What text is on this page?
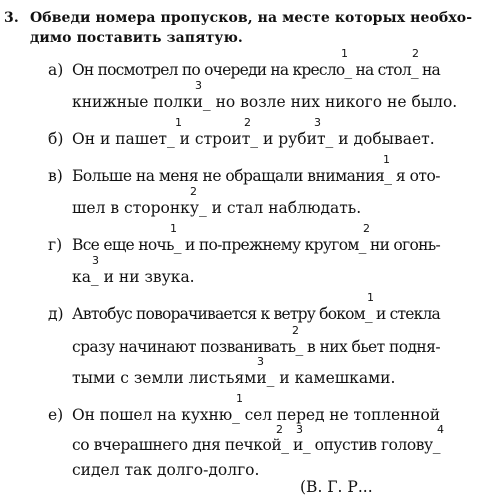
3. Обведи номера пропусков, на месте которых необхо-
димо поставить запятую.
а) Он посмотрел по очереди на кресло_ на стол_ на
книжные полки_ но возле них никого не было.
1	2
3
б) Он и пашет_ и строит_ и рубит_ и добывает.
1	2	3
в) Больше на меня не обращали внимания_ я ото-
шел в сторонку_ и стал наблюдать.
1
2
г) Все еще ночь_ и по-прежнему кругом_ ни огонь-
ка_ и ни звука.
1	2
3
д) Автобус поворачивается к ветру боком_ и стекла
сразу начинают позванивать_ в них бьет подня-
тыми с земли листьями_ и камешками.
1
2
3
е) Он пошел на кухню_ сел перед не топленной
со вчерашнего дня печкой_ и_ опустив голову_
сидел так долго-долго.
1
2 3	4
(В. Г. Р...
